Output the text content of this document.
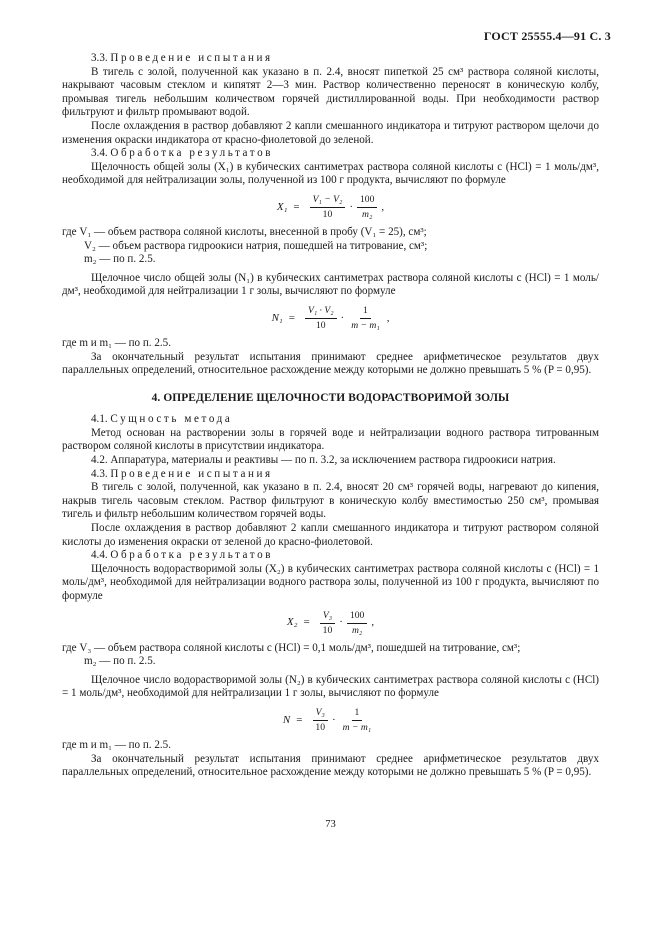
ГОСТ 25555.4—91 С. 3

3.3. Проведение испытания

В тигель с золой, полученной как указано в п. 2.4, вносят пипеткой 25 см³ раствора соляной кислоты, накрывают часовым стеклом и кипятят 2—3 мин. Раствор количественно переносят в коническую колбу, промывая тигель небольшим количеством горячей дистиллированной воды. При необходимости раствор фильтруют и фильтр промывают водой.

После охлаждения в раствор добавляют 2 капли смешанного индикатора и титруют раствором щелочи до изменения окраски индикатора от красно-фиолетовой до зеленой.

3.4. Обработка результатов

Щелочность общей золы (X₁) в кубических сантиметрах раствора соляной кислоты c (HCl) = 1 моль/дм³, необходимой для нейтрализации золы, полученной из 100 г продукта, вычисляют по формуле

$X_1 = \frac{\text{V₁ − V₂}}{10} \cdot \frac{100}{\text{m₂}}$ ,

где V₁ — объем раствора соляной кислоты, внесенной в пробу (V₁ = 25), см³;

V₂ — объем раствора гидроокиси натрия, пошедшей на титрование, см³;

m₂ — по п. 2.5.

Щелочное число общей золы (N₁) в кубических сантиметрах раствора соляной кислоты c (HCl) = 1 моль/дм³, необходимой для нейтрализации 1 г золы, вычисляют по формуле

$N_1 = \frac{\text{V₁ · V₂}}{10} \cdot \frac{1}{\text{m − m₁}}$ ,

где m и m₁ — по п. 2.5.

За окончательный результат испытания принимают среднее арифметическое результатов двух параллельных определений, относительное расхождение между которыми не должно превышать 5 % (P = 0,95).

4. ОПРЕДЕЛЕНИЕ ЩЕЛОЧНОСТИ ВОДОРАСТВОРИМОЙ ЗОЛЫ

4.1. Сущность метода

Метод основан на растворении золы в горячей воде и нейтрализации водного раствора титрованным раствором соляной кислоты в присутствии индикатора.

4.2. Аппаратура, материалы и реактивы — по п. 3.2, за исключением раствора гидроокиси натрия.

4.3. Проведение испытания

В тигель с золой, полученной, как указано в п. 2.4, вносят 20 см³ горячей воды, нагревают до кипения, накрыв тигель часовым стеклом. Раствор фильтруют в коническую колбу вместимостью 250 см³, промывая тигель и фильтр небольшим количеством горячей воды.

После охлаждения в раствор добавляют 2 капли смешанного индикатора и титруют раствором соляной кислоты до изменения окраски от зеленой до красно-фиолетовой.

4.4. Обработка результатов

Щелочность водорастворимой золы (X₂) в кубических сантиметрах раствора соляной кислоты c (HCl) = 1 моль/дм³, необходимой для нейтрализации водного раствора золы, полученной из 100 г продукта, вычисляют по формуле

$X_2 = \frac{\text{V₃}}{10} \cdot \frac{100}{\text{m₂}}$ ,

где V₃ — объем раствора соляной кислоты c (HCl) = 0,1 моль/дм³, пошедшей на титрование, см³;

m₂ — по п. 2.5.

Щелочное число водорастворимой золы (N₂) в кубических сантиметрах раствора соляной кислоты c (HCl) = 1 моль/дм³, необходимой для нейтрализации 1 г золы, вычисляют по формуле

$N = \frac{\text{V₃}}{10} \cdot \frac{1}{\text{m − m₁}}$

где m и m₁ — по п. 2.5.

За окончательный результат испытания принимают среднее арифметическое результатов двух параллельных определений, относительное расхождение между которыми не должно превышать 5 % (P = 0,95).

73
